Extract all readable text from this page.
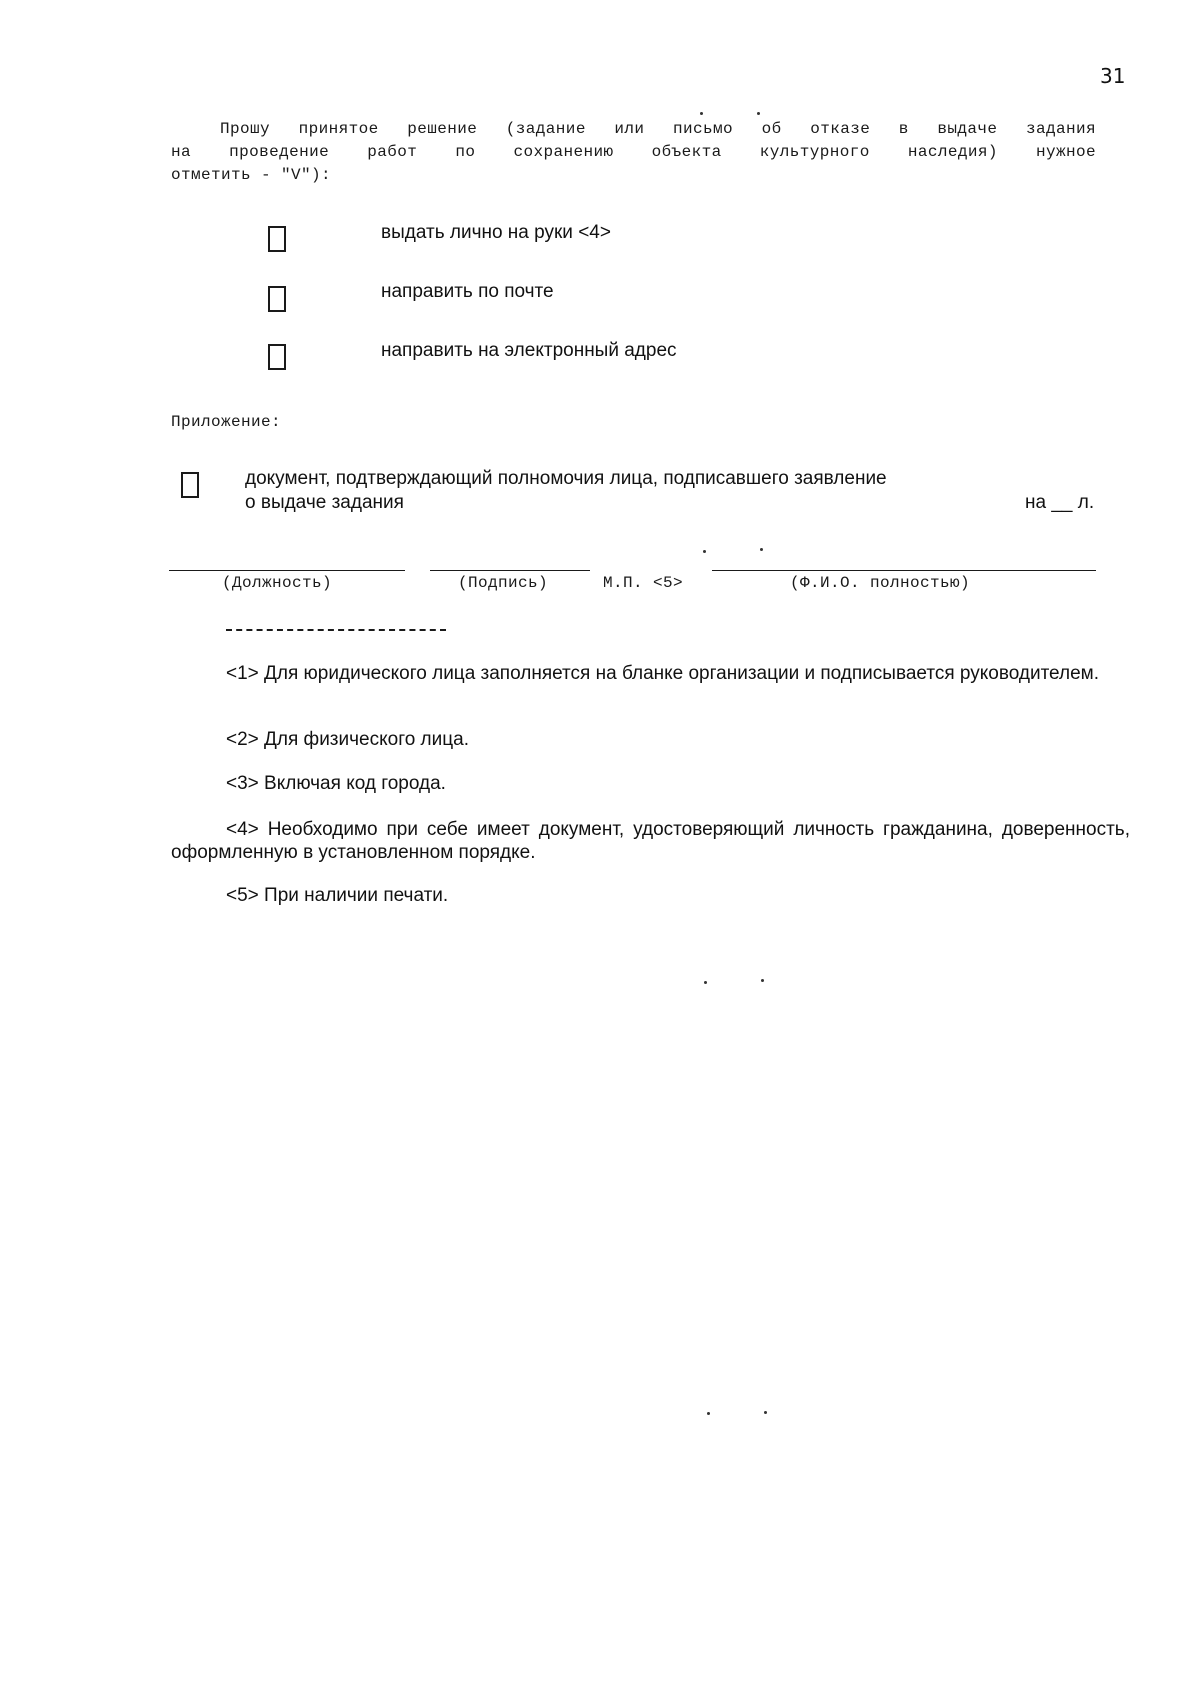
31
Прошу принятое решение (задание или письмо об отказе в выдаче задания
на проведение работ по сохранению объекта культурного наследия) нужное
отметить - "V"):
выдать лично на руки <4>
направить по почте
направить на электронный адрес
Приложение:
документ, подтверждающий полномочия лица, подписавшего заявление
о выдаче задания	на __ л.
(Должность)	(Подпись)	М.П. <5>	(Ф.И.О. полностью)
<1> Для юридического лица заполняется на бланке организации и подписывается руководителем.
<2> Для физического лица.
<3> Включая код города.
<4> Необходимо при себе имеет документ, удостоверяющий личность гражданина, доверенность, оформленную в установленном порядке.
<5> При наличии печати.
